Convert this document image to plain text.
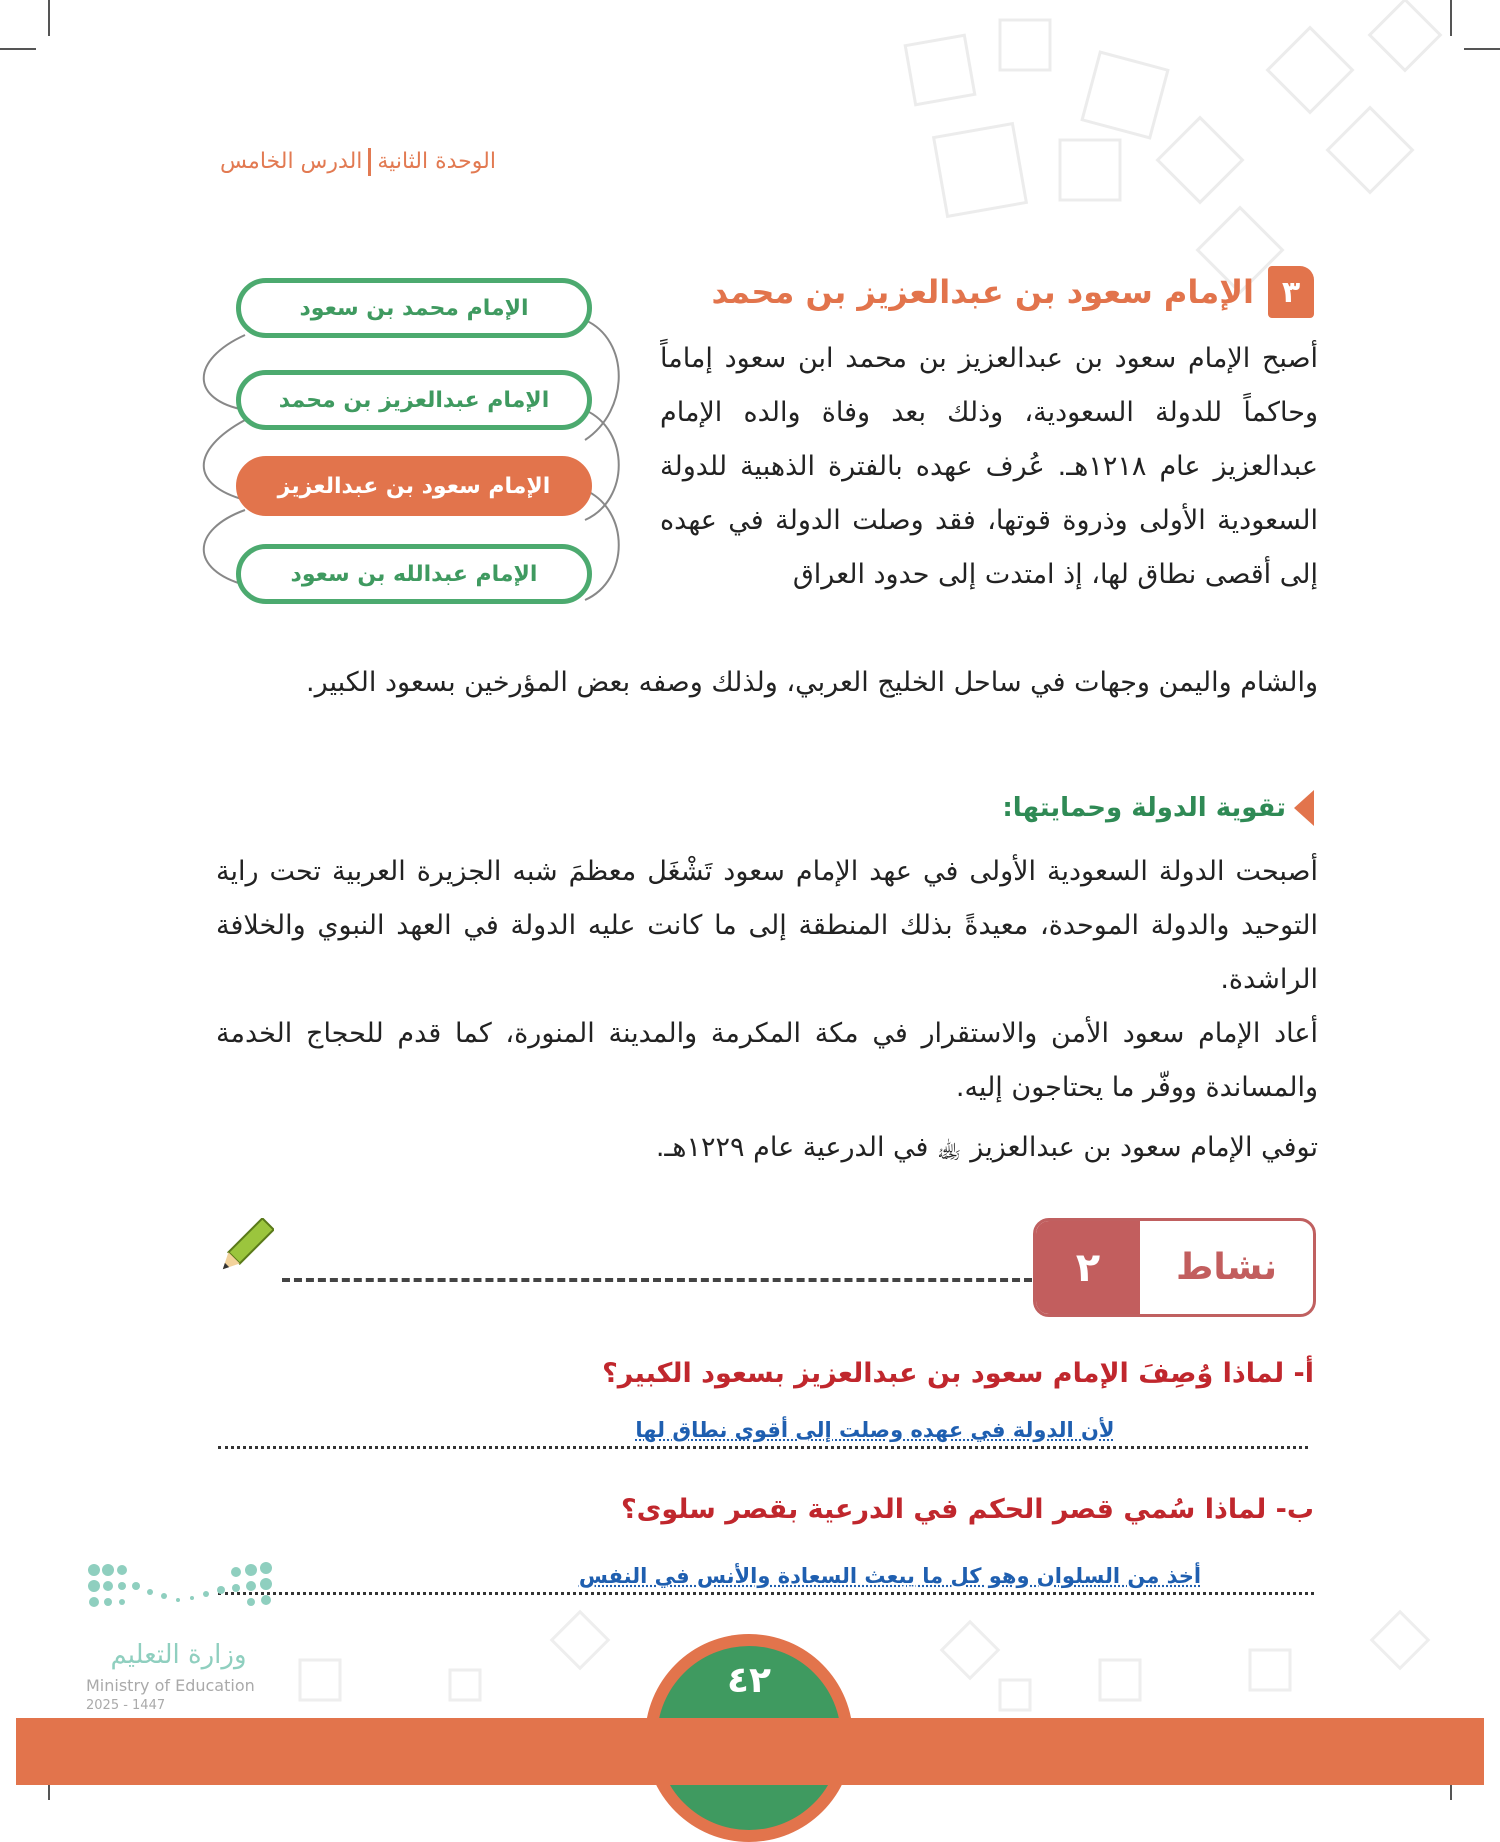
الوحدة الثانيةالدرس الخامس
٣
الإمام سعود بن عبدالعزيز بن محمد
الإمام محمد بن سعود
الإمام عبدالعزيز بن محمد
الإمام سعود بن عبدالعزيز
الإمام عبدالله بن سعود
أصبح الإمام سعود بن عبدالعزيز بن محمد ابن سعود إماماً وحاكماً للدولة السعودية، وذلك بعد وفاة والده الإمام عبدالعزيز عام ١٢١٨هـ. عُرف عهده بالفترة الذهبية للدولة السعودية الأولى وذروة قوتها، فقد وصلت الدولة في عهده إلى أقصى نطاق لها، إذ امتدت إلى حدود العراق
والشام واليمن وجهات في ساحل الخليج العربي، ولذلك وصفه بعض المؤرخين بسعود الكبير.
تقوية الدولة وحمايتها:
أصبحت الدولة السعودية الأولى في عهد الإمام سعود تَشْغَل معظمَ شبه الجزيرة العربية تحت راية التوحيد والدولة الموحدة، معيدةً بذلك المنطقة إلى ما كانت عليه الدولة في العهد النبوي والخلافة الراشدة.
أعاد الإمام سعود الأمن والاستقرار في مكة المكرمة والمدينة المنورة، كما قدم للحجاج الخدمة والمساندة ووفّر ما يحتاجون إليه.
توفي الإمام سعود بن عبدالعزيز ﵀ في الدرعية عام ١٢٢٩هـ.
٢	نشاط
أ- لماذا وُصِفَ الإمام سعود بن عبدالعزيز بسعود الكبير؟
لأن الدولة في عهده وصلت إلى أقوى نطاق لها
ب- لماذا سُمي قصر الحكم في الدرعية بقصر سلوى؟
أخذ من السلوان وهو كل ما يبعث السعادة والأنس في النفس
وزارة التعليم
Ministry of Education
2025 - 1447
٤٢
